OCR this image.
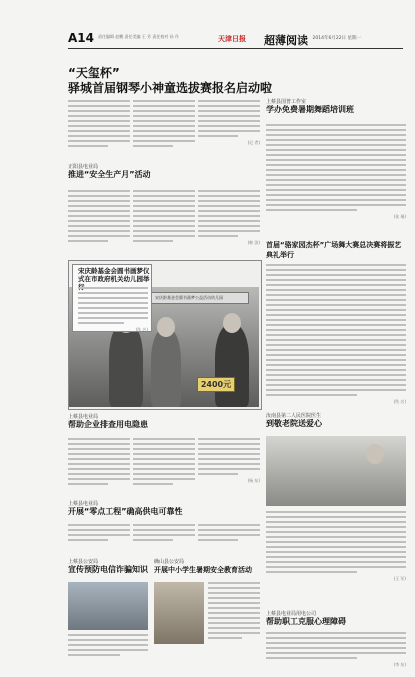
A14 责任编辑 赵鹏 责任美编 王 芳 责任校对 孙 丹	天津日报 超薄阅读 2014年6月22日 星期一
“天玺杯”
驿城首届钢琴小神童选拔赛报名启动啦
(记 者)
正阳县电业局
推进“安全生产月”活动
(韩 滨)
宋庆龄基金会圆书画梦公益活动幼儿园
2400元
宋庆龄基金会圆书画梦仪式在市政府机关幼儿园举
(佚 名)
上蔡县电业局
帮助企业排查用电隐患
(杨 东)
上蔡县电业局
开展“零点工程”确高供电可靠性
上蔡县公安局
宣传预防电信诈骗知识
确山县公安局
开展中小学生暑期安全教育活动
上蔡县国普工作室
学办免费暑期舞蹈培训班
(张 瑞)
首届“骆家园杰杯”广场舞大赛总决赛将振艺典礼举行
(佚 名)
汝南县第二人民医院医生
到敬老院送爱心
(王 军)
上蔡县电业局用电公司
帮助职工克服心理障碍
(李 东)
